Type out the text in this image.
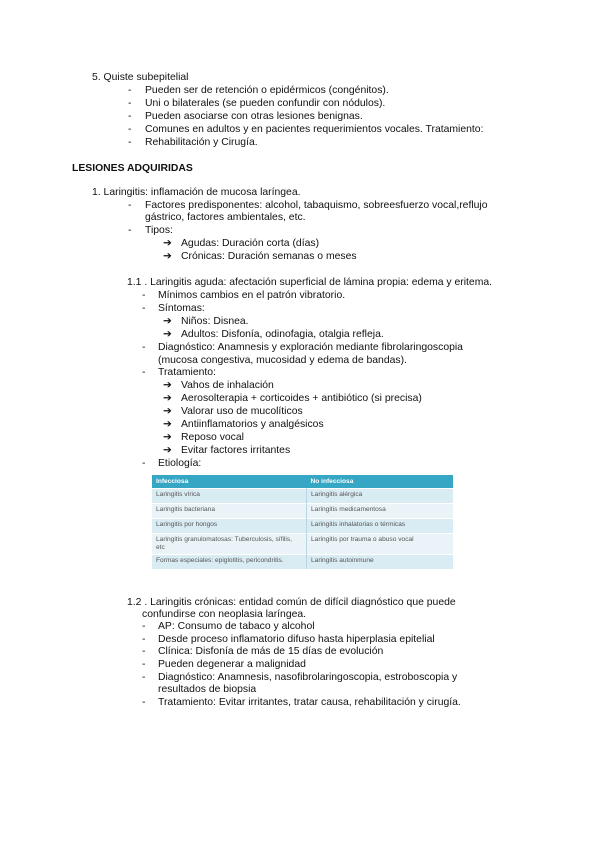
5. Quiste subepitelial
- Pueden ser de retención o epidérmicos (congénitos).
- Uni o bilaterales (se pueden confundir con nódulos).
- Pueden asociarse con otras lesiones benignas.
- Comunes en adultos y en pacientes requerimientos vocales. Tratamiento:
- Rehabilitación y Cirugía.
LESIONES ADQUIRIDAS
1. Laringitis: inflamación de mucosa laríngea.
- Factores predisponentes: alcohol, tabaquismo, sobreesfuerzo vocal,reflujo
gástrico, factores ambientales, etc.
- Tipos:
➔ Agudas: Duración corta (días)
➔ Crónicas: Duración semanas o meses
1.1 . Laringitis aguda: afectación superficial de lámina propia: edema y eritema.
- Mínimos cambios en el patrón vibratorio.
- Síntomas:
➔ Niños: Disnea.
➔ Adultos: Disfonía, odinofagia, otalgia refleja.
- Diagnóstico: Anamnesis y exploración mediante fibrolaringoscopia
(mucosa congestiva, mucosidad y edema de bandas).
- Tratamiento:
➔ Vahos de inhalación
➔ Aerosolterapia + corticoides + antibiótico (si precisa)
➔ Valorar uso de mucolíticos
➔ Antiinflamatorios y analgésicos
➔ Reposo vocal
➔ Evitar factores irritantes
- Etiología:
Infecciosa	No infecciosa
Laringitis vírica	Laringitis alérgica
Laringitis bacteriana	Laringitis medicamentosa
Laringitis por hongos	Laringitis inhalatorias o térmicas
Laringitis granulomatosas: Tuberculosis, sífilis, etc	Laringitis por trauma o abuso vocal
Formas especiales: epiglotitis, pericondritis.	Laringitis autoinmune
1.2 . Laringitis crónicas: entidad común de difícil diagnóstico que puede
confundirse con neoplasia laríngea.
- AP: Consumo de tabaco y alcohol
- Desde proceso inflamatorio difuso hasta hiperplasia epitelial
- Clínica: Disfonía de más de 15 días de evolución
- Pueden degenerar a malignidad
- Diagnóstico: Anamnesis, nasofibrolaringoscopia, estroboscopia y
resultados de biopsia
- Tratamiento: Evitar irritantes, tratar causa, rehabilitación y cirugía.
